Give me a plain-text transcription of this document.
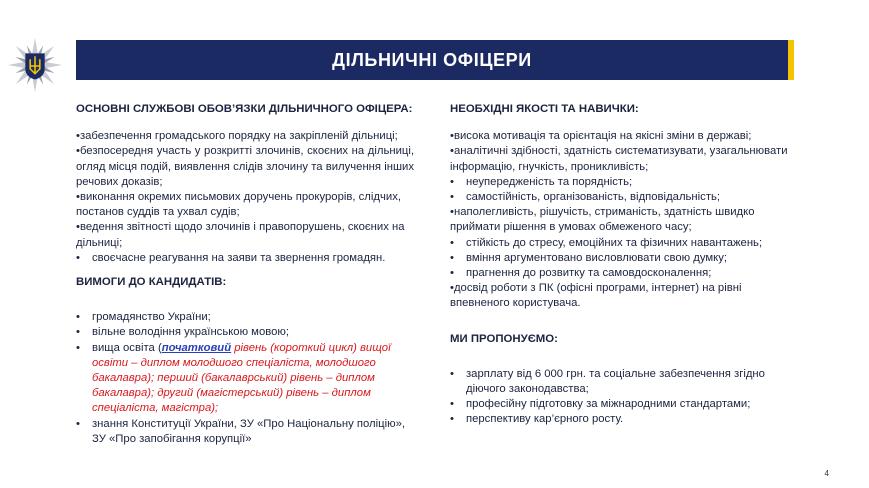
ДІЛЬНИЧНІ ОФІЦЕРИ
ОСНОВНІ СЛУЖБОВІ ОБОВ’ЯЗКИ ДІЛЬНИЧНОГО ОФІЦЕРА:

•забезпечення громадського порядку на закріпленій дільниці;

•безпосередня участь у розкритті злочинів, скоєних на дільниці, огляд місця подій, виявлення слідів злочину та вилучення інших речових доказів;

•виконання окремих письмових доручень прокурорів, слідчих, постанов суддів та ухвал судів;

•ведення звітності щодо злочинів і правопорушень, скоєних на дільниці;

•	своєчасне реагування на заяви та звернення громадян.
ВИМОГИ ДО КАНДИДАТІВ:
•	громадянство України;
•	вільне володіння українською мовою;
•	вища освіта (початковий рівень (короткий цикл) вищої освіти – диплом молодшого спеціаліста, молодшого бакалавра); перший (бакалаврський) рівень – диплом бакалавра); другий (магістерський) рівень – диплом спеціаліста, магістра);
•	знання Конституції України, ЗУ «Про Національну поліцію», ЗУ «Про запобігання корупції»
НЕОБХІДНІ ЯКОСТІ ТА НАВИЧКИ:

•висока мотивація та орієнтація на якісні зміни в державі;

•аналітичні здібності, здатність систематизувати, узагальнювати інформацію, гнучкість, проникливість;

•	неупередженість та порядність;
•	самостійність, організованість, відповідальність;

•наполегливість, рішучість, стриманість, здатність швидко приймати рішення в умовах обмеженого часу;

•	стійкість до стресу, емоційних та фізичних навантажень;
•	вміння аргументовано висловлювати свою думку;
•	прагнення до розвитку та самовдосконалення;

•досвід роботи з ПК (офісні програми, інтернет) на рівні впевненого користувача.

МИ ПРОПОНУЄМО:
•	зарплату від 6 000 грн. та соціальне забезпечення згідно діючого законодавства;
•	професійну підготовку за міжнародними стандартами;
•	перспективу кар’єрного росту.
4
